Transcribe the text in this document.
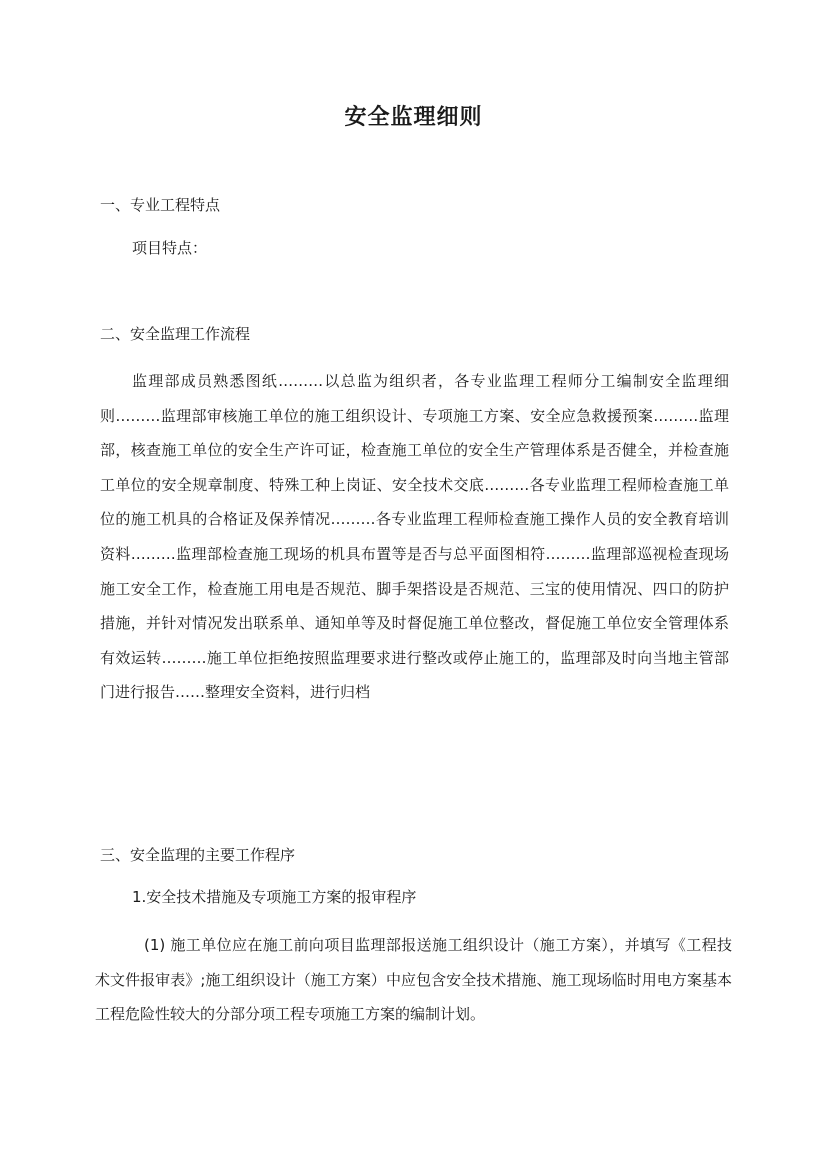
安全监理细则
一、专业工程特点
项目特点：
二、安全监理工作流程
监理部成员熟悉图纸………以总监为组织者，各专业监理工程师分工编制安全监理细则………监理部审核施工单位的施工组织设计、专项施工方案、安全应急救援预案………监理部，核查施工单位的安全生产许可证，检查施工单位的安全生产管理体系是否健全，并检查施工单位的安全规章制度、特殊工种上岗证、安全技术交底………各专业监理工程师检查施工单位的施工机具的合格证及保养情况………各专业监理工程师检查施工操作人员的安全教育培训资料………监理部检查施工现场的机具布置等是否与总平面图相符………监理部巡视检查现场施工安全工作，检查施工用电是否规范、脚手架搭设是否规范、三宝的使用情况、四口的防护措施，并针对情况发出联系单、通知单等及时督促施工单位整改，督促施工单位安全管理体系有效运转………施工单位拒绝按照监理要求进行整改或停止施工的，监理部及时向当地主管部门进行报告……整理安全资料，进行归档
三、安全监理的主要工作程序
1.安全技术措施及专项施工方案的报审程序
(1) 施工单位应在施工前向项目监理部报送施工组织设计（施工方案），并填写《工程技术文件报审表》;施工组织设计（施工方案）中应包含安全技术措施、施工现场临时用电方案基本工程危险性较大的分部分项工程专项施工方案的编制计划。
